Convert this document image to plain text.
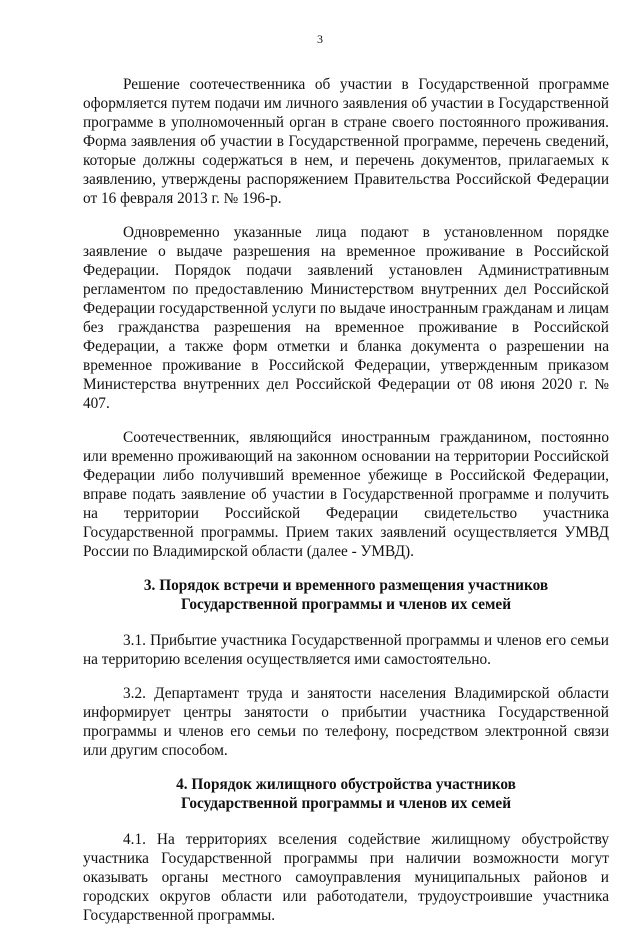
3

Решение соотечественника об участии в Государственной программе оформляется путем подачи им личного заявления об участии в Государственной программе в уполномоченный орган в стране своего постоянного проживания. Форма заявления об участии в Государственной программе, перечень сведений, которые должны содержаться в нем, и перечень документов, прилагаемых к заявлению, утверждены распоряжением Правительства Российской Федерации от 16 февраля 2013 г. № 196-р.

Одновременно указанные лица подают в установленном порядке заявление о выдаче разрешения на временное проживание в Российской Федерации. Порядок подачи заявлений установлен Административным регламентом по предоставлению Министерством внутренних дел Российской Федерации государственной услуги по выдаче иностранным гражданам и лицам без гражданства разрешения на временное проживание в Российской Федерации, а также форм отметки и бланка документа о разрешении на временное проживание в Российской Федерации, утвержденным приказом Министерства внутренних дел Российской Федерации от 08 июня 2020 г. № 407.

Соотечественник, являющийся иностранным гражданином, постоянно или временно проживающий на законном основании на территории Российской Федерации либо получивший временное убежище в Российской Федерации, вправе подать заявление об участии в Государственной программе и получить на территории Российской Федерации свидетельство участника Государственной программы. Прием таких заявлений осуществляется УМВД России по Владимирской области (далее - УМВД).

3. Порядок встречи и временного размещения участников
Государственной программы и членов их семей

3.1. Прибытие участника Государственной программы и членов его семьи на территорию вселения осуществляется ими самостоятельно.

3.2. Департамент труда и занятости населения Владимирской области информирует центры занятости о прибытии участника Государственной программы и членов его семьи по телефону, посредством электронной связи или другим способом.

4. Порядок жилищного обустройства участников
Государственной программы и членов их семей

4.1. На территориях вселения содействие жилищному обустройству участника Государственной программы при наличии возможности могут оказывать органы местного самоуправления муниципальных районов и городских округов области или работодатели, трудоустроившие участника Государственной программы.
